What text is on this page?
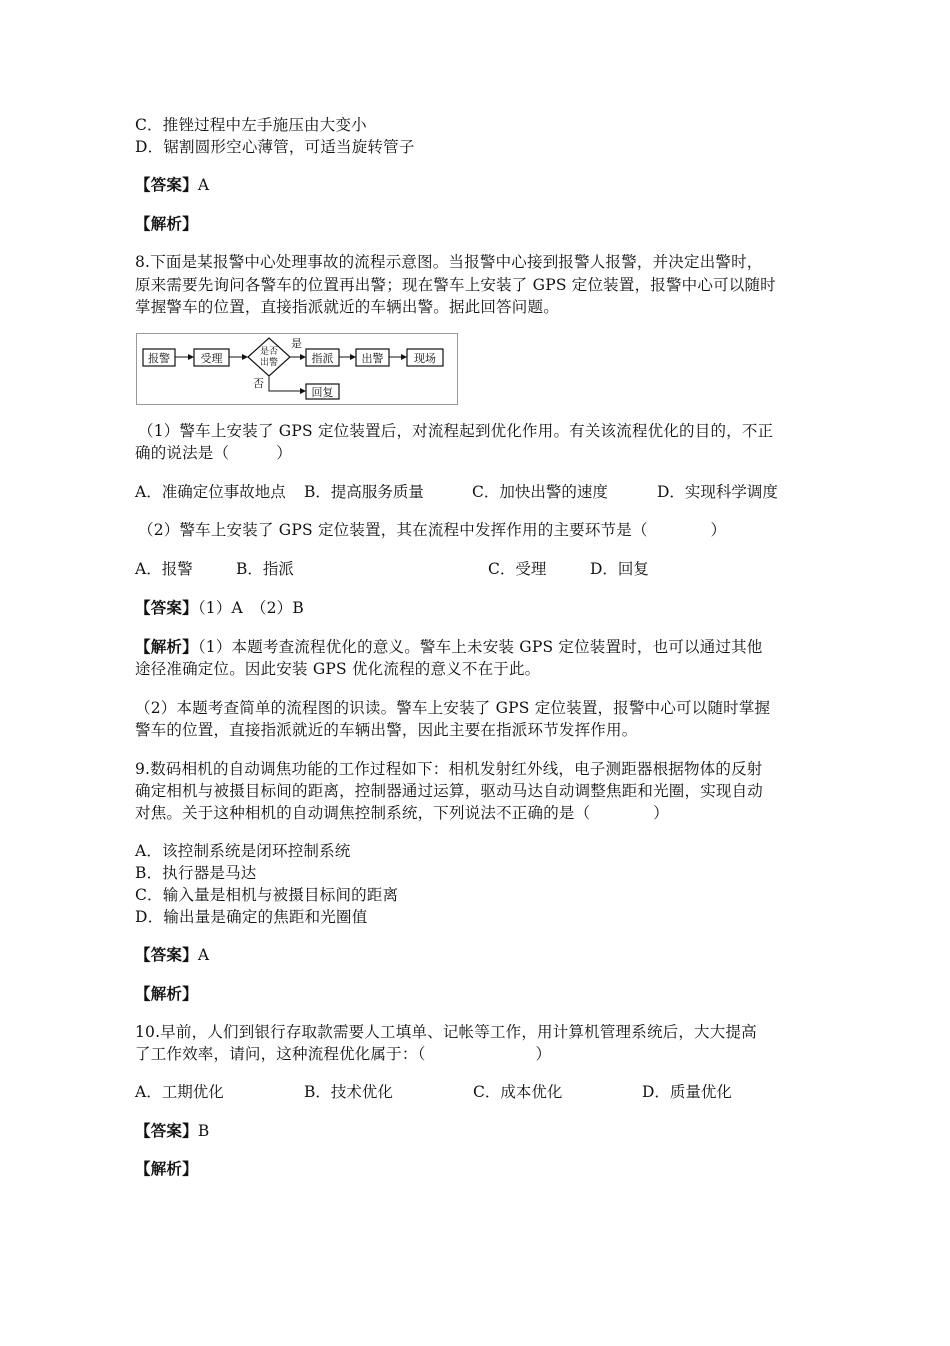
C．推锉过程中左手施压由大变小
D．锯割圆形空心薄管，可适当旋转管子
【答案】A
【解析】
8.下面是某报警中心处理事故的流程示意图。当报警中心接到报警人报警，并决定出警时，
原来需要先询问各警车的位置再出警；现在警车上安装了 GPS 定位装置，报警中心可以随时
掌握警车的位置，直接指派就近的车辆出警。据此回答问题。
报警	受理	是否
出警
是
指派	出警	现场
否
回复
（1）警车上安装了 GPS 定位装置后，对流程起到优化作用。有关该流程优化的目的，不正
确的说法是（　　　）
A．准确定位事故地点 B．提高服务质量	C．加快出警的速度	D．实现科学调度
（2）警车上安装了 GPS 定位装置，其在流程中发挥作用的主要环节是（　　　　）
A．报警	B．指派	C．受理	D．回复
【答案】（1）A　（2）B
【解析】（1）本题考查流程优化的意义。警车上未安装 GPS 定位装置时，也可以通过其他
途径准确定位。因此安装 GPS 优化流程的意义不在于此。
（2）本题考查简单的流程图的识读。警车上安装了 GPS 定位装置，报警中心可以随时掌握
警车的位置，直接指派就近的车辆出警，因此主要在指派环节发挥作用。
9.数码相机的自动调焦功能的工作过程如下：相机发射红外线，电子测距器根据物体的反射
确定相机与被摄目标间的距离，控制器通过运算，驱动马达自动调整焦距和光圈，实现自动
对焦。关于这种相机的自动调焦控制系统，下列说法不正确的是（　　　　）
A．该控制系统是闭环控制系统
B．执行器是马达
C．输入量是相机与被摄目标间的距离
D．输出量是确定的焦距和光圈值
【答案】A
【解析】
10.早前，人们到银行存取款需要人工填单、记帐等工作，用计算机管理系统后，大大提高
了工作效率，请问，这种流程优化属于：（　　　　　　　）
A．工期优化	B．技术优化	C．成本优化	D．质量优化
【答案】B
【解析】
